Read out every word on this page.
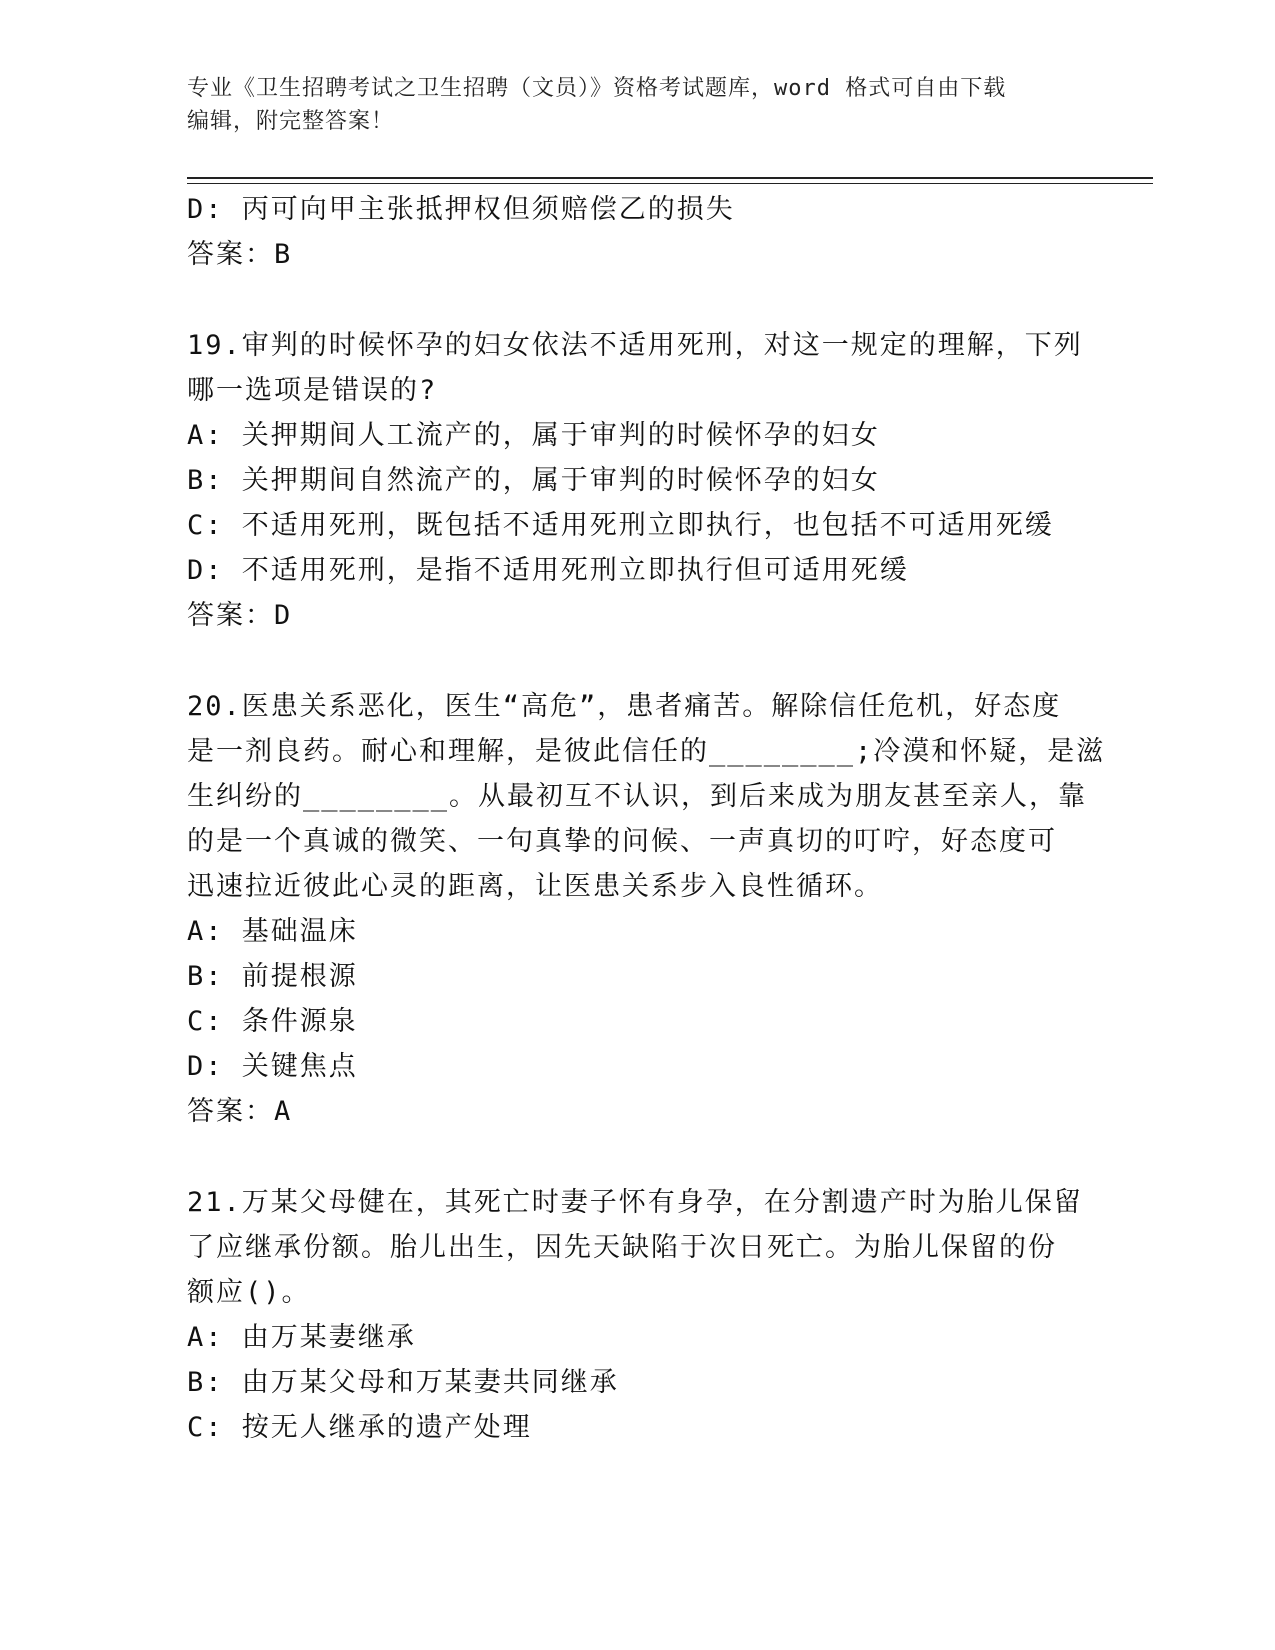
专业《卫生招聘考试之卫生招聘（文员）》资格考试题库，word 格式可自由下载
编辑，附完整答案！
D: 丙可向甲主张抵押权但须赔偿乙的损失
答案：B
19.审判的时候怀孕的妇女依法不适用死刑，对这一规定的理解，下列
哪一选项是错误的?
A: 关押期间人工流产的，属于审判的时候怀孕的妇女
B: 关押期间自然流产的，属于审判的时候怀孕的妇女
C: 不适用死刑，既包括不适用死刑立即执行，也包括不可适用死缓
D: 不适用死刑，是指不适用死刑立即执行但可适用死缓
答案：D
20.医患关系恶化，医生“高危”，患者痛苦。解除信任危机，好态度
是一剂良药。耐心和理解，是彼此信任的________;冷漠和怀疑，是滋
生纠纷的________。从最初互不认识，到后来成为朋友甚至亲人，靠
的是一个真诚的微笑、一句真挚的问候、一声真切的叮咛，好态度可
迅速拉近彼此心灵的距离，让医患关系步入良性循环。
A: 基础温床
B: 前提根源
C: 条件源泉
D: 关键焦点
答案：A
21.万某父母健在，其死亡时妻子怀有身孕，在分割遗产时为胎儿保留
了应继承份额。胎儿出生，因先天缺陷于次日死亡。为胎儿保留的份
额应()。
A: 由万某妻继承
B: 由万某父母和万某妻共同继承
C: 按无人继承的遗产处理
